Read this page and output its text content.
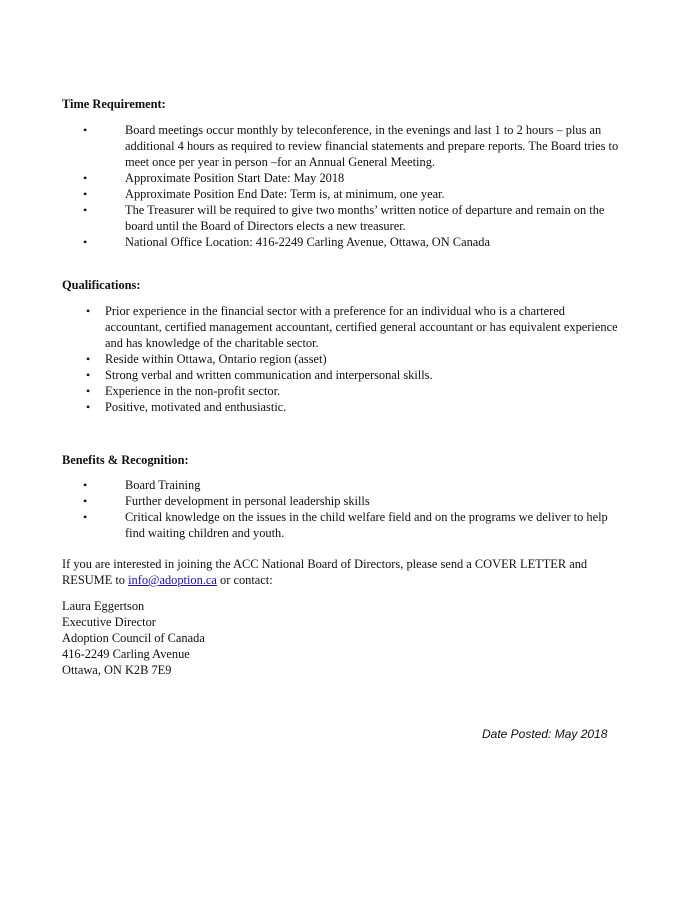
Time Requirement:

•	Board meetings occur monthly by teleconference, in the evenings and last 1 to 2 hours – plus an additional 4 hours as required to review financial statements and prepare reports. The Board tries to meet once per year in person –for an Annual General Meeting.
•	Approximate Position Start Date: May 2018
•	Approximate Position End Date: Term is, at minimum, one year.
•	The Treasurer will be required to give two months’ written notice of departure and remain on the board until the Board of Directors elects a new treasurer.
•	National Office Location: 416-2249 Carling Avenue, Ottawa, ON Canada

Qualifications:

• Prior experience in the financial sector with a preference for an individual who is a chartered accountant, certified management accountant, certified general accountant or has equivalent experience and has knowledge of the charitable sector.
• Reside within Ottawa, Ontario region (asset)
• Strong verbal and written communication and interpersonal skills.
• Experience in the non-profit sector.
• Positive, motivated and enthusiastic.

Benefits & Recognition:

•	Board Training
•	Further development in personal leadership skills
•	Critical knowledge on the issues in the child welfare field and on the programs we deliver to help find waiting children and youth.

If you are interested in joining the ACC National Board of Directors, please send a COVER LETTER and RESUME to info@adoption.ca or contact:

Laura Eggertson
Executive Director
Adoption Council of Canada
416-2249 Carling Avenue
Ottawa, ON K2B 7E9
Date Posted: May 2018
